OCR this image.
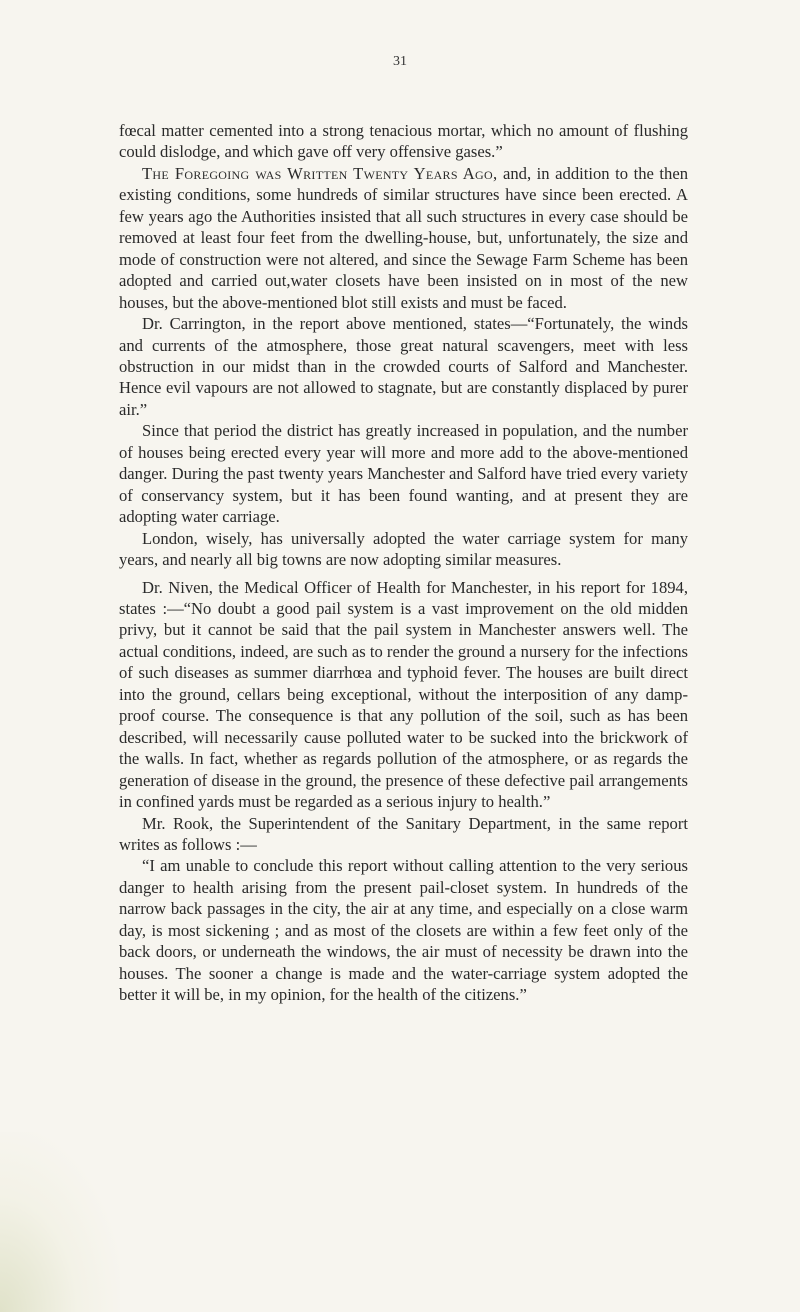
31

fœcal matter cemented into a strong tenacious mortar, which no amount of flushing could dislodge, and which gave off very offensive gases.”

The Foregoing was Written Twenty Years Ago, and, in addition to the then existing conditions, some hundreds of similar structures have since been erected. A few years ago the Authorities insisted that all such structures in every case should be removed at least four feet from the dwelling-house, but, unfortunately, the size and mode of construction were not altered, and since the Sewage Farm Scheme has been adopted and carried out,water closets have been insisted on in most of the new houses, but the above-mentioned blot still exists and must be faced.

Dr. Carrington, in the report above mentioned, states—“Fortunately, the winds and currents of the atmosphere, those great natural scavengers, meet with less obstruction in our midst than in the crowded courts of Salford and Manchester. Hence evil vapours are not allowed to stagnate, but are constantly displaced by purer air.”

Since that period the district has greatly increased in population, and the number of houses being erected every year will more and more add to the above-mentioned danger. During the past twenty years Manchester and Salford have tried every variety of conservancy system, but it has been found wanting, and at present they are adopting water carriage.

London, wisely, has universally adopted the water carriage system for many years, and nearly all big towns are now adopting similar measures.

Dr. Niven, the Medical Officer of Health for Manchester, in his report for 1894, states :—“No doubt a good pail system is a vast improvement on the old midden privy, but it cannot be said that the pail system in Manchester answers well. The actual conditions, indeed, are such as to render the ground a nursery for the infections of such diseases as summer diarrhœa and typhoid fever. The houses are built direct into the ground, cellars being exceptional, without the interposition of any damp-proof course. The consequence is that any pollution of the soil, such as has been described, will necessarily cause polluted water to be sucked into the brickwork of the walls. In fact, whether as regards pollution of the atmosphere, or as regards the generation of disease in the ground, the presence of these defective pail arrangements in confined yards must be regarded as a serious injury to health.”

Mr. Rook, the Superintendent of the Sanitary Department, in the same report writes as follows :—

“I am unable to conclude this report without calling attention to the very serious danger to health arising from the present pail-closet system. In hundreds of the narrow back passages in the city, the air at any time, and especially on a close warm day, is most sickening ; and as most of the closets are within a few feet only of the back doors, or underneath the windows, the air must of necessity be drawn into the houses. The sooner a change is made and the water-carriage system adopted the better it will be, in my opinion, for the health of the citizens.”
